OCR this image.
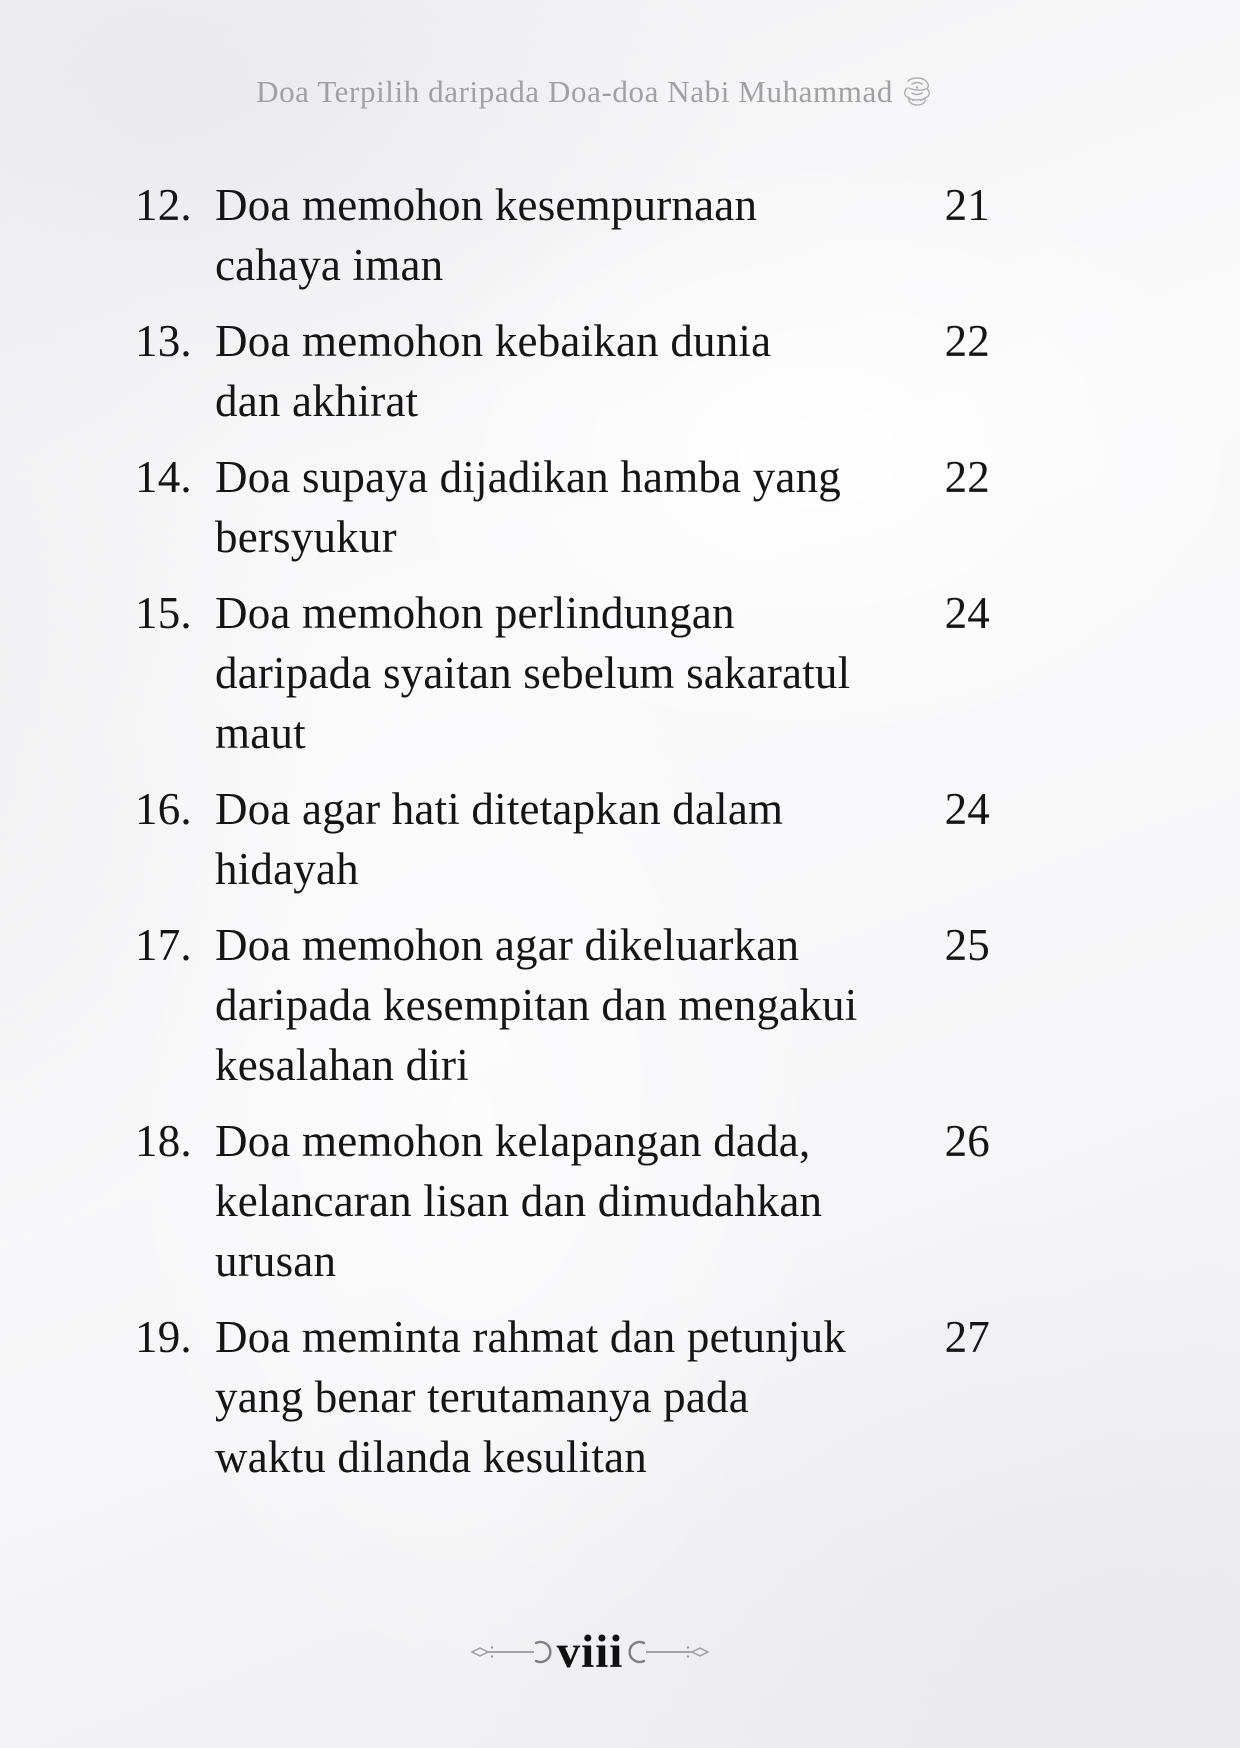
Doa Terpilih daripada Doa-doa Nabi Muhammad
12. Doa memohon kesempurnaan
cahaya iman
21
13. Doa memohon kebaikan dunia
dan akhirat
22
14. Doa supaya dijadikan hamba yang
bersyukur
22
15. Doa memohon perlindungan
daripada syaitan sebelum sakaratul
maut
24
16. Doa agar hati ditetapkan dalam
hidayah
24
17. Doa memohon agar dikeluarkan
daripada kesempitan dan mengakui
kesalahan diri
25
18. Doa memohon kelapangan dada,
kelancaran lisan dan dimudahkan
urusan
26
19. Doa meminta rahmat dan petunjuk
yang benar terutamanya pada
waktu dilanda kesulitan
27
viii
